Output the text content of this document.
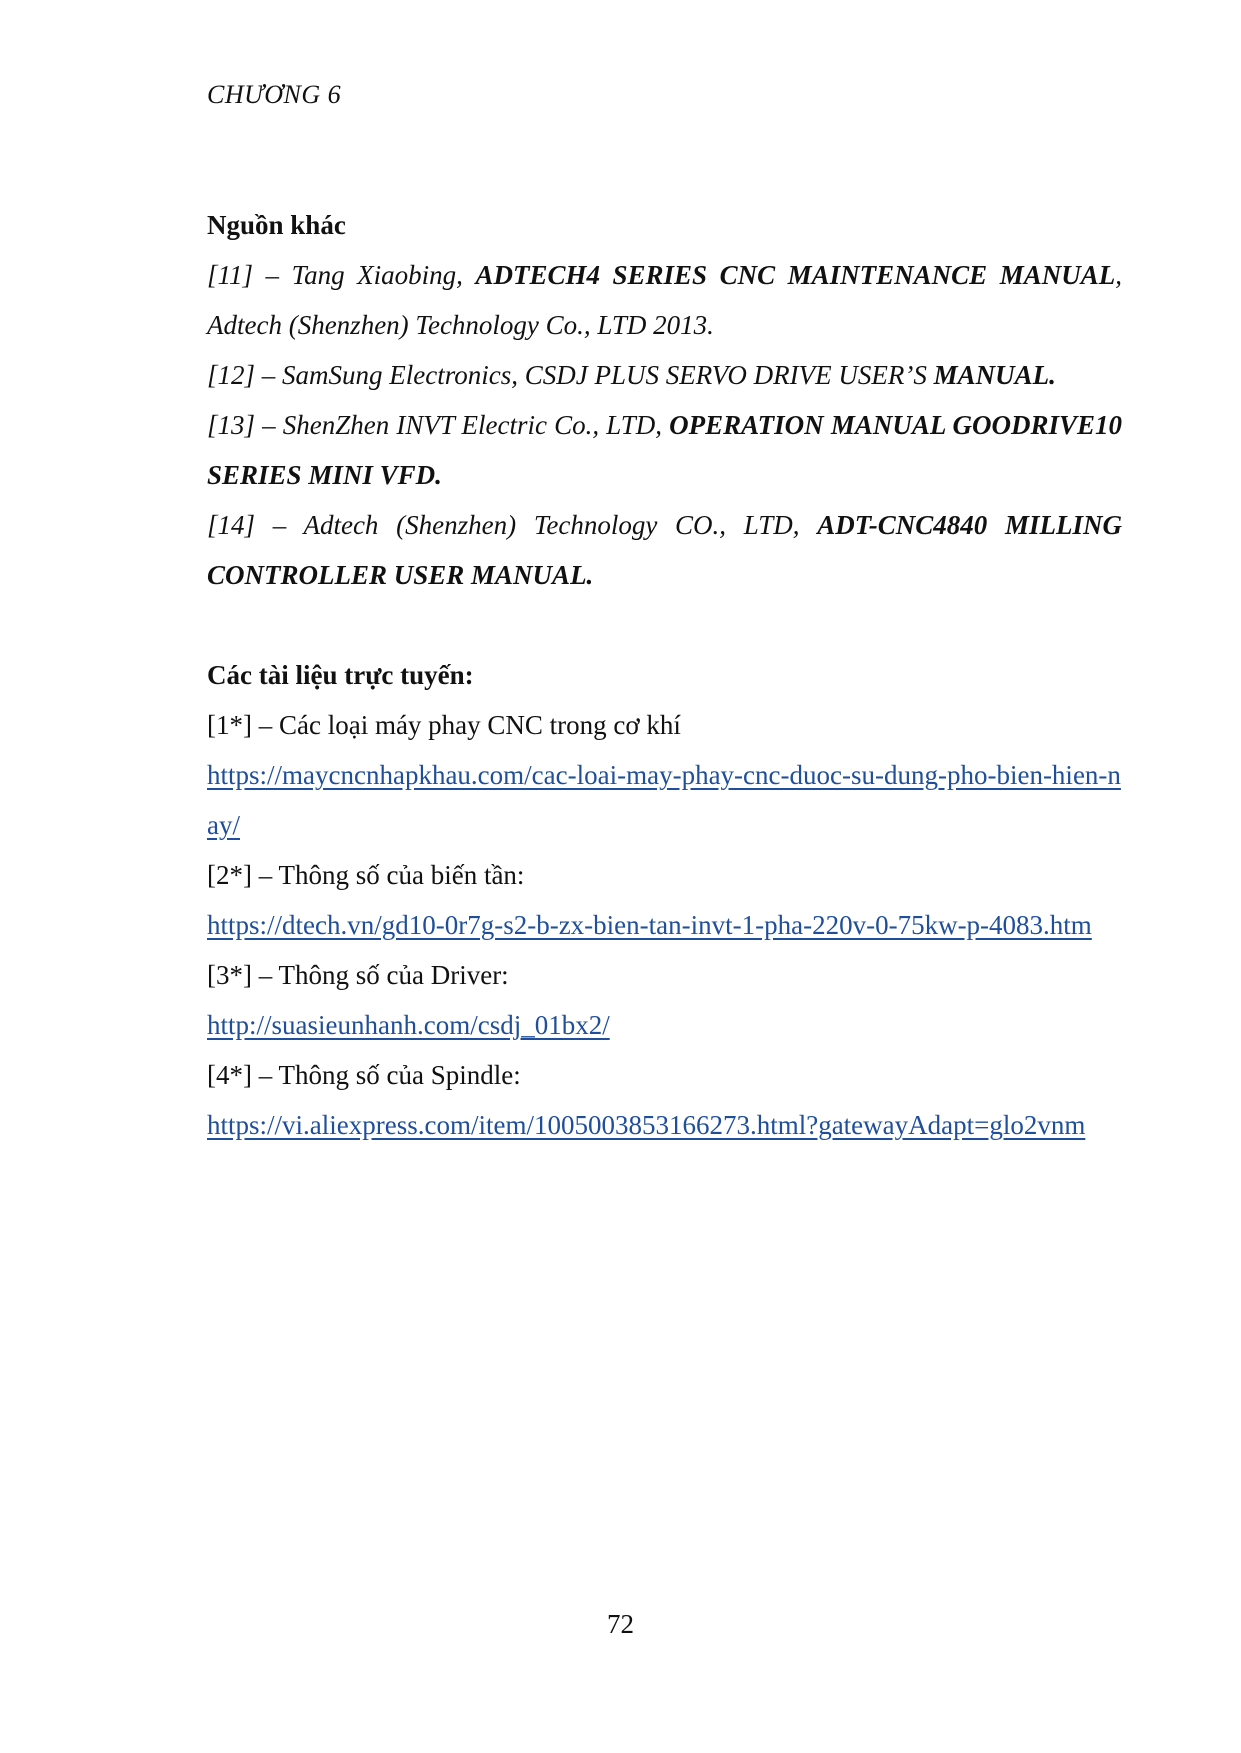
CHƯƠNG 6

Nguồn khác

[11] – Tang Xiaobing, ADTECH4 SERIES CNC MAINTENANCE MANUAL, Adtech (Shenzhen) Technology Co., LTD 2013.

[12] – SamSung Electronics, CSDJ PLUS SERVO DRIVE USER’S MANUAL.

[13] – ShenZhen INVT Electric Co., LTD, OPERATION MANUAL GOODRIVE10 SERIES MINI VFD.

[14] – Adtech (Shenzhen) Technology CO., LTD, ADT-CNC4840 MILLING CONTROLLER USER MANUAL.

Các tài liệu trực tuyến:

[1*] – Các loại máy phay CNC trong cơ khí

https://maycncnhapkhau.com/cac-loai-may-phay-cnc-duoc-su-dung-pho-bien-hien-nay/

[2*] – Thông số của biến tần:

https://dtech.vn/gd10-0r7g-s2-b-zx-bien-tan-invt-1-pha-220v-0-75kw-p-4083.htm

[3*] – Thông số của Driver:

http://suasieunhanh.com/csdj_01bx2/

[4*] – Thông số của Spindle:

https://vi.aliexpress.com/item/1005003853166273.html?gatewayAdapt=glo2vnm
72
